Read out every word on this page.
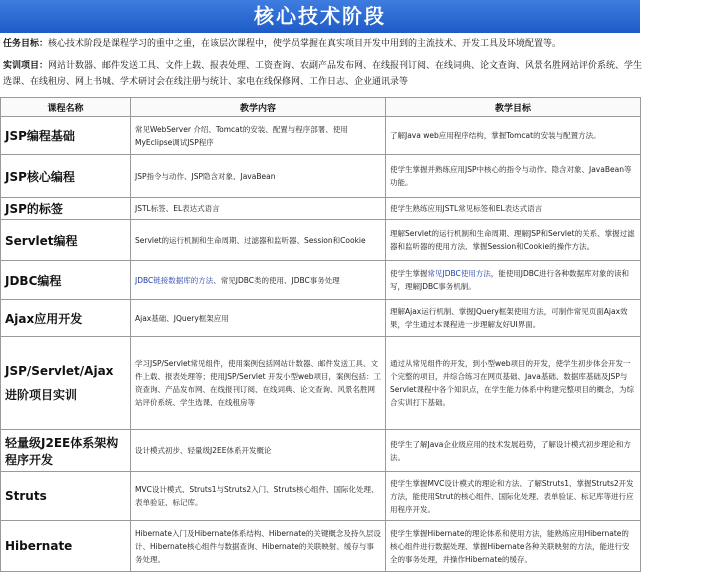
核心技术阶段
任务目标：核心技术阶段是课程学习的重中之重，在该层次课程中，使学员掌握在真实项目开发中用到的主流技术、开发工具及环境配置等。
实训项目：网站计数器、邮件发送工具、文件上载、报表处理、工资查询、农副产品发布网、在线报刊订阅、在线词典、论文查询、风景名胜网站评价系统、学生选课、在线租房、网上书城、学术研讨会在线注册与统计、家电在线保修网、工作日志、企业通讯录等
课程名称	教学内容	教学目标
JSP编程基础	常见WebServer 介绍、Tomcat的安装、配置与程序部署、使用MyEclipse调试JSP程序	了解Java web应用程序结构，掌握Tomcat的安装与配置方法。
JSP核心编程	JSP指令与动作、JSP隐含对象、JavaBean	使学生掌握并熟练应用JSP中核心的指令与动作、隐含对象、JavaBean等功能。
JSP的标签	JSTL标签、EL表达式语言	使学生熟练应用JSTL常见标签和EL表达式语言
Servlet编程	Servlet的运行机制和生命周期、过滤器和监听器、Session和Cookie	理解Servlet的运行机制和生命周期、理解JSP和Servlet的关系、掌握过滤器和监听器的使用方法、掌握Session和Cookie的操作方法。
JDBC编程	JDBC链接数据库的方法、常见JDBC类的使用、JDBC事务处理	使学生掌握常见JDBC使用方法，能使用JDBC进行各种数据库对象的读和写，理解JDBC事务机制。
Ajax应用开发	Ajax基础、JQuery框架应用	理解Ajax运行机制、掌握JQuery框架使用方法，可制作常见页面Ajax效果，学生通过本课程进一步理解友好UI界面。

JSP/Servlet/Ajax
进阶项目实训	学习JSP/Servlet常见组件，使用案例包括网站计数器、邮件发送工具、文件上载、报表处理等；使用JSP/Servlet 开发小型web项目，案例包括：工资查询、产品发布网、在线报刊订阅、在线词典、论文查询、风景名胜网站评价系统、学生选课、在线租房等	通过从常见组件的开发，到小型web项目的开发，使学生初步体会开发一个完整的项目，并综合练习在网页基础、Java基础、数据库基础及JSP与Servlet课程中各个知识点，在学生能力体系中构建完整项目的概念，为综合实训打下基础。

轻量级J2EE体系架构
程序开发	设计模式初步、轻量级J2EE体系开发概论	使学生了解Java企业级应用的技术发展趋势，了解设计模式初步理论和方法。
Struts	MVC设计模式、Struts1与Struts2入门、Struts核心组件、国际化处理、表单验证、标记库。	使学生掌握MVC设计模式的理论和方法、了解Struts1、掌握Struts2开发方法，能使用Strut的核心组件、国际化处理、表单验证、标记库等进行应用程序开发。
Hibernate	Hibernate入门及Hibernate体系结构、Hibernate的关键概念及持久层设计、Hibernate核心组件与数据查询、Hibernate的关联映射、缓存与事务处理。	使学生掌握Hibernate的理论体系和使用方法，能熟练应用Hibernate的核心组件进行数据处理、掌握Hibernate各种关联映射的方法，能进行安全的事务处理，并操作Hibernate的缓存。
